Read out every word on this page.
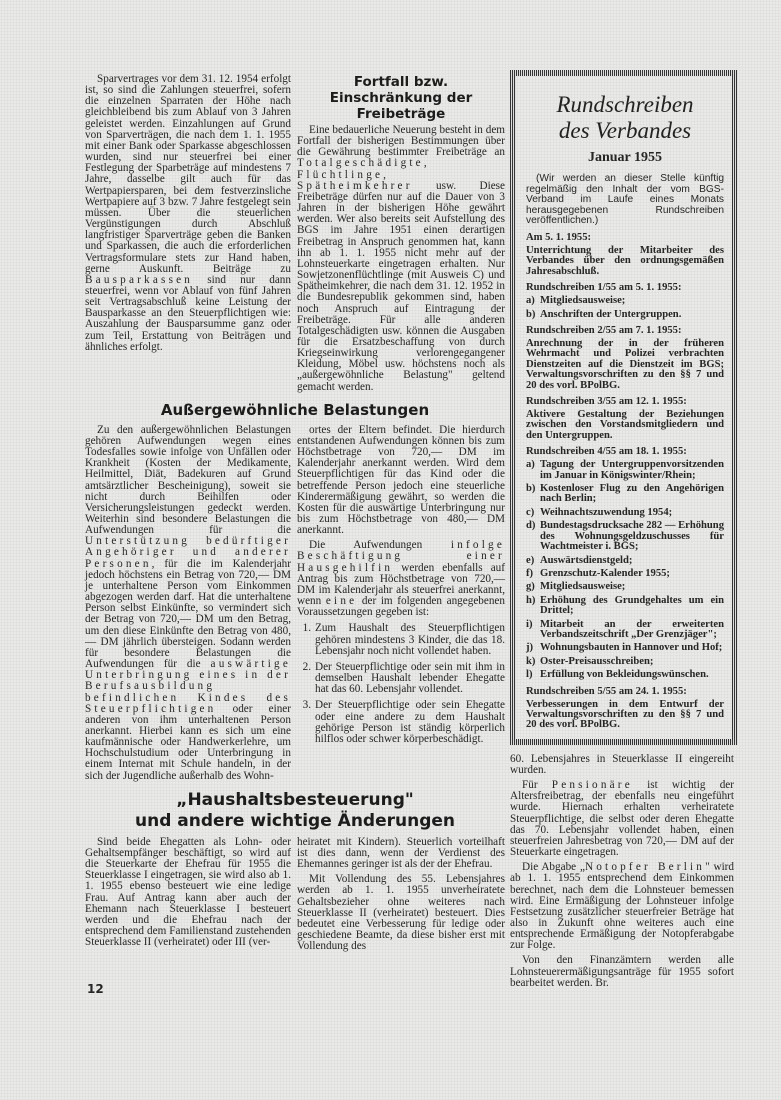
Sparvertrages vor dem 31. 12. 1954 erfolgt ist, so sind die Zahlungen steuerfrei, sofern die einzelnen Sparraten der Höhe nach gleichbleibend bis zum Ablauf von 3 Jahren geleistet werden. Einzahlungen auf Grund von Sparverträgen, die nach dem 1. 1. 1955 mit einer Bank oder Sparkasse abgeschlossen wurden, sind nur steuerfrei bei einer Festlegung der Sparbeträge auf mindestens 7 Jahre, dasselbe gilt auch für das Wertpapiersparen, bei dem festverzinsliche Wertpapiere auf 3 bzw. 7 Jahre festgelegt sein müssen. Über die steuerlichen Vergünstigungen durch Abschluß langfristiger Sparverträge geben die Banken und Sparkassen, die auch die erforderlichen Vertragsformulare stets zur Hand haben, gerne Auskunft. Beiträge zu Bausparkassen sind nur dann steuerfrei, wenn vor Ablauf von fünf Jahren seit Vertragsabschluß keine Leistung der Bausparkasse an den Steuerpflichtigen wie: Auszahlung der Bausparsumme ganz oder zum Teil, Erstattung von Beiträgen und ähnliches erfolgt.

Fortfall bzw.
Einschränkung der Freibeträge

Eine bedauerliche Neuerung besteht in dem Fortfall der bisherigen Bestimmungen über die Gewährung bestimmter Freibeträge an Totalgeschädigte, Flüchtlinge, Spätheimkehrer usw. Diese Freibeträge dürfen nur auf die Dauer von 3 Jahren in der bisherigen Höhe gewährt werden. Wer also bereits seit Aufstellung des BGS im Jahre 1951 einen derartigen Freibetrag in Anspruch genommen hat, kann ihn ab 1. 1. 1955 nicht mehr auf der Lohnsteuerkarte eingetragen erhalten. Nur Sowjetzonenflüchtlinge (mit Ausweis C) und Spätheimkehrer, die nach dem 31. 12. 1952 in die Bundesrepublik gekommen sind, haben noch Anspruch auf Eintragung der Freibeträge. Für alle anderen Totalgeschädigten usw. können die Ausgaben für die Ersatzbeschaffung von durch Kriegseinwirkung verlorengegangener Kleidung, Möbel usw. höchstens noch als „außergewöhnliche Belastung" geltend gemacht werden.

Außergewöhnliche Belastungen

Zu den außergewöhnlichen Belastungen gehören Aufwendungen wegen eines Todesfalles sowie infolge von Unfällen oder Krankheit (Kosten der Medikamente, Heilmittel, Diät, Badekuren auf Grund amtsärztlicher Bescheinigung), soweit sie nicht durch Beihilfen oder Versicherungsleistungen gedeckt werden. Weiterhin sind besondere Belastungen die Aufwendungen für die Unterstützung bedürftiger Angehöriger und anderer Personen, für die im Kalenderjahr jedoch höchstens ein Betrag von 720,— DM je unterhaltene Person vom Einkommen abgezogen werden darf. Hat die unterhaltene Person selbst Einkünfte, so vermindert sich der Betrag von 720,— DM um den Betrag, um den diese Einkünfte den Betrag von 480,— DM jährlich übersteigen. Sodann werden für besondere Belastungen die Aufwendungen für die auswärtige Unterbringung eines in der Berufsausbildung befindlichen Kindes des Steuerpflichtigen oder einer anderen von ihm unterhaltenen Person anerkannt. Hierbei kann es sich um eine kaufmännische oder Handwerkerlehre, um Hochschulstudium oder Unterbringung in einem Internat mit Schule handeln, in der sich der Jugendliche außerhalb des Wohn-

ortes der Eltern befindet. Die hierdurch entstandenen Aufwendungen können bis zum Höchstbetrage von 720,— DM im Kalenderjahr anerkannt werden. Wird dem Steuerpflichtigen für das Kind oder die betreffende Person jedoch eine steuerliche Kinderermäßigung gewährt, so werden die Kosten für die auswärtige Unterbringung nur bis zum Höchstbetrage von 480,— DM anerkannt.

Die Aufwendungen infolge Beschäftigung einer Hausgehilfin werden ebenfalls auf Antrag bis zum Höchstbetrage von 720,— DM im Kalenderjahr als steuerfrei anerkannt, wenn eine der im folgenden angegebenen Voraussetzungen gegeben ist:

1. Zum Haushalt des Steuerpflichtigen gehören mindestens 3 Kinder, die das 18. Lebensjahr noch nicht vollendet haben.
2. Der Steuerpflichtige oder sein mit ihm in demselben Haushalt lebender Ehegatte hat das 60. Lebensjahr vollendet.
3. Der Steuerpflichtige oder sein Ehegatte oder eine andere zu dem Haushalt gehörige Person ist ständig körperlich hilflos oder schwer körperbeschädigt.
„Haushaltsbesteuerung"
und andere wichtige Änderungen

Sind beide Ehegatten als Lohn- oder Gehaltsempfänger beschäftigt, so wird auf die Steuerkarte der Ehefrau für 1955 die Steuerklasse I eingetragen, sie wird also ab 1. 1. 1955 ebenso besteuert wie eine ledige Frau. Auf Antrag kann aber auch der Ehemann nach Steuerklasse I besteuert werden und die Ehefrau nach der entsprechend dem Familienstand zustehenden Steuerklasse II (verheiratet) oder III (ver-

heiratet mit Kindern). Steuerlich vorteilhaft ist dies dann, wenn der Verdienst des Ehemannes geringer ist als der der Ehefrau.

Mit Vollendung des 55. Lebensjahres werden ab 1. 1. 1955 unverheiratete Gehaltsbezieher ohne weiteres nach Steuerklasse II (verheiratet) besteuert. Dies bedeutet eine Verbesserung für ledige oder geschiedene Beamte, da diese bisher erst mit Vollendung des

12
Rundschreiben
des Verbandes
Januar 1955
(Wir werden an dieser Stelle künftig regelmäßig den Inhalt der vom BGS-Verband im Laufe eines Monats herausgegebenen Rundschreiben veröffentlichen.)
Am 5. 1. 1955:
Unterrichtung der Mitarbeiter des Verbandes über den ordnungsgemäßen Jahresabschluß.
Rundschreiben 1/55 am 5. 1. 1955:
a) Mitgliedsausweise;
b) Anschriften der Untergruppen.
Rundschreiben 2/55 am 7. 1. 1955:
Anrechnung der in der früheren Wehrmacht und Polizei verbrachten Dienstzeiten auf die Dienstzeit im BGS; Verwaltungsvorschriften zu den §§ 7 und 20 des vorl. BPolBG.
Rundschreiben 3/55 am 12. 1. 1955:
Aktivere Gestaltung der Beziehungen zwischen den Vorstandsmitgliedern und den Untergruppen.
Rundschreiben 4/55 am 18. 1. 1955:
a) Tagung der Untergruppenvorsitzenden im Januar in Königswinter/Rhein;
b) Kostenloser Flug zu den Angehörigen nach Berlin;
c) Weihnachtszuwendung 1954;
d) Bundestagsdrucksache 282 — Erhöhung des Wohnungsgeldzuschusses für Wachtmeister i. BGS;
e) Auswärtsdienstgeld;
f) Grenzschutz-Kalender 1955;
g) Mitgliedsausweise;
h) Erhöhung des Grundgehaltes um ein Drittel;
i) Mitarbeit an der erweiterten Verbandszeitschrift „Der Grenzjäger";
j) Wohnungsbauten in Hannover und Hof;
k) Oster-Preisausschreiben;
l) Erfüllung von Bekleidungswünschen.
Rundschreiben 5/55 am 24. 1. 1955:
Verbesserungen in dem Entwurf der Verwaltungsvorschriften zu den §§ 7 und 20 des vorl. BPolBG.

60. Lebensjahres in Steuerklasse II eingereiht wurden.

Für Pensionäre ist wichtig der Altersfreibetrag, der ebenfalls neu eingeführt wurde. Hiernach erhalten verheiratete Steuerpflichtige, die selbst oder deren Ehegatte das 70. Lebensjahr vollendet haben, einen steuerfreien Jahresbetrag von 720,— DM auf der Steuerkarte eingetragen.

Die Abgabe „Notopfer Berlin" wird ab 1. 1. 1955 entsprechend dem Einkommen berechnet, nach dem die Lohnsteuer bemessen wird. Eine Ermäßigung der Lohnsteuer infolge Festsetzung zusätzlicher steuerfreier Beträge hat also in Zukunft ohne weiteres auch eine entsprechende Ermäßigung der Notopferabgabe zur Folge.

Von den Finanzämtern werden alle Lohnsteuerermäßigungsanträge für 1955 sofort bearbeitet werden. Br.
